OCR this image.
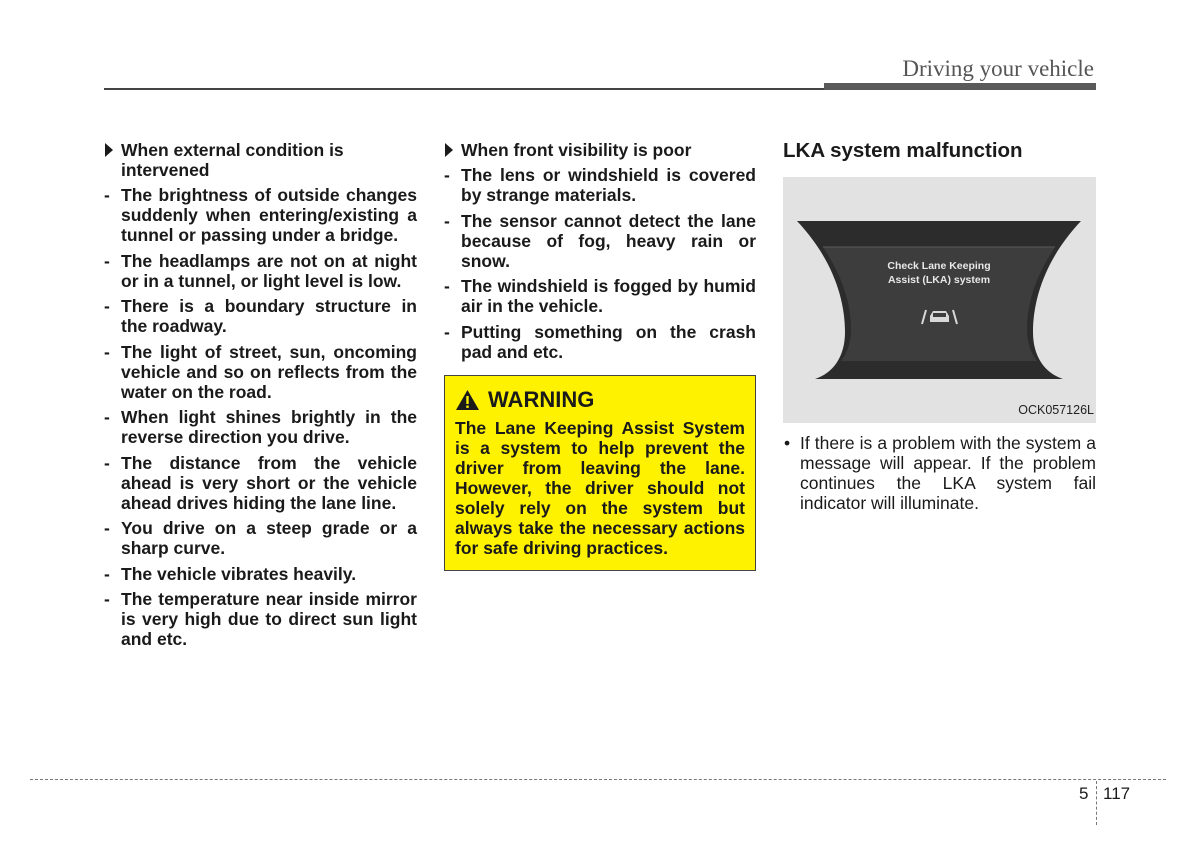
Driving your vehicle
When external condition is intervened
- The brightness of outside changes suddenly when entering/existing a tunnel or passing under a bridge.
- The headlamps are not on at night or in a tunnel, or light level is low.
- There is a boundary structure in the roadway.
- The light of street, sun, oncoming vehicle and so on reflects from the water on the road.
- When light shines brightly in the reverse direction you drive.
- The distance from the vehicle ahead is very short or the vehicle ahead drives hiding the lane line.
- You drive on a steep grade or a sharp curve.
- The vehicle vibrates heavily.
- The temperature near inside mirror is very high due to direct sun light and etc.
When front visibility is poor
- The lens or windshield is covered by strange materials.
- The sensor cannot detect the lane because of fog, heavy rain or snow.
- The windshield is fogged by humid air in the vehicle.
- Putting something on the crash pad and etc.
WARNING
The Lane Keeping Assist System is a system to help prevent the driver from leaving the lane. However, the driver should not solely rely on the system but always take the necessary actions for safe driving practices.
LKA system malfunction
Check Lane Keeping
Assist (LKA) system
OCK057126L
• If there is a problem with the system a message will appear. If the problem continues the LKA system fail indicator will illuminate.
5 117
